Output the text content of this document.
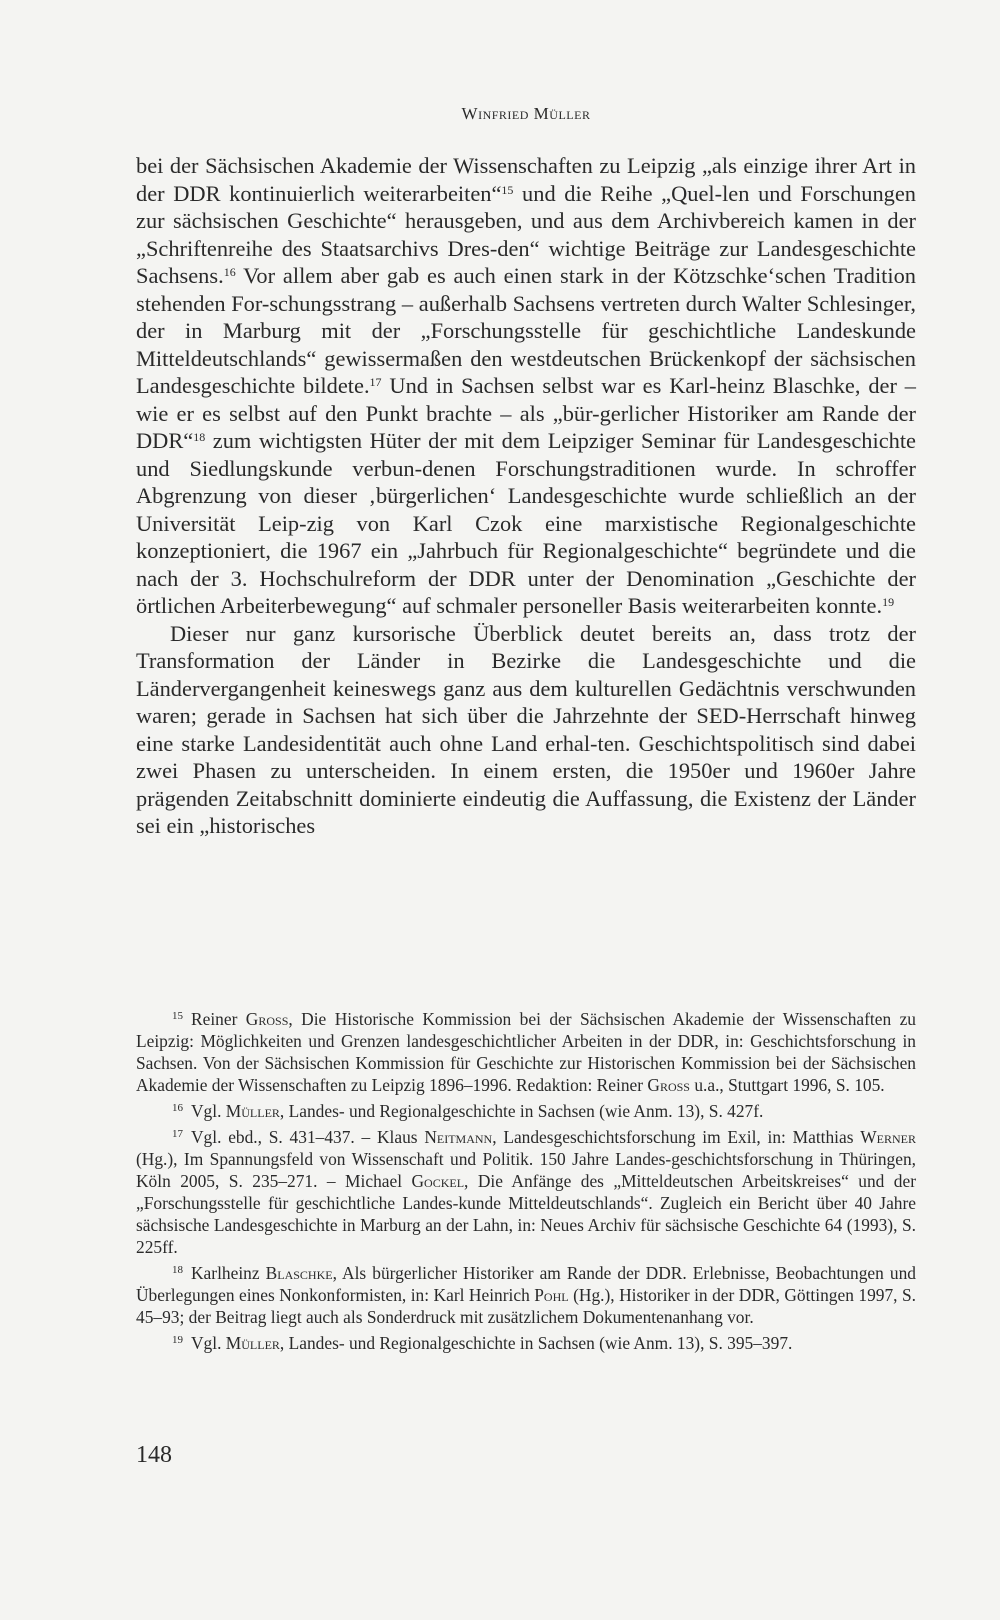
Winfried Müller

bei der Sächsischen Akademie der Wissenschaften zu Leipzig „als einzige ihrer Art in der DDR kontinuierlich weiterarbeiten“$^{15}$ und die Reihe „Quel-len und Forschungen zur sächsischen Geschichte“ herausgeben, und aus dem Archivbereich kamen in der „Schriftenreihe des Staatsarchivs Dres-den“ wichtige Beiträge zur Landesgeschichte Sachsens.$^{16}$ Vor allem aber gab es auch einen stark in der Kötzschke‘schen Tradition stehenden For-schungsstrang – außerhalb Sachsens vertreten durch Walter Schlesinger, der in Marburg mit der „Forschungsstelle für geschichtliche Landeskunde Mitteldeutschlands“ gewissermaßen den westdeutschen Brückenkopf der sächsischen Landesgeschichte bildete.$^{17}$ Und in Sachsen selbst war es Karl-heinz Blaschke, der – wie er es selbst auf den Punkt brachte – als „bür-gerlicher Historiker am Rande der DDR“$^{18}$ zum wichtigsten Hüter der mit dem Leipziger Seminar für Landesgeschichte und Siedlungskunde verbun-denen Forschungstraditionen wurde. In schroffer Abgrenzung von dieser ‚bürgerlichen‘ Landesgeschichte wurde schließlich an der Universität Leip-zig von Karl Czok eine marxistische Regionalgeschichte konzeptioniert, die 1967 ein „Jahrbuch für Regionalgeschichte“ begründete und die nach der 3. Hochschulreform der DDR unter der Denomination „Geschichte der örtlichen Arbeiterbewegung“ auf schmaler personeller Basis weiterarbeiten konnte.$^{19}$

Dieser nur ganz kursorische Überblick deutet bereits an, dass trotz der Transformation der Länder in Bezirke die Landesgeschichte und die Ländervergangenheit keineswegs ganz aus dem kulturellen Gedächtnis verschwunden waren; gerade in Sachsen hat sich über die Jahrzehnte der SED-Herrschaft hinweg eine starke Landesidentität auch ohne Land erhal-ten. Geschichtspolitisch sind dabei zwei Phasen zu unterscheiden. In einem ersten, die 1950er und 1960er Jahre prägenden Zeitabschnitt dominierte eindeutig die Auffassung, die Existenz der Länder sei ein „historisches

$^{15}$ Reiner Gross, Die Historische Kommission bei der Sächsischen Akademie der Wissenschaften zu Leipzig: Möglichkeiten und Grenzen landesgeschichtlicher Arbeiten in der DDR, in: Geschichtsforschung in Sachsen. Von der Sächsischen Kommission für Geschichte zur Historischen Kommission bei der Sächsischen Akademie der Wissenschaften zu Leipzig 1896–1996. Redaktion: Reiner Gross u.a., Stuttgart 1996, S. 105.

$^{16}$ Vgl. Müller, Landes- und Regionalgeschichte in Sachsen (wie Anm. 13), S. 427f.

$^{17}$ Vgl. ebd., S. 431–437. – Klaus Neitmann, Landesgeschichtsforschung im Exil, in: Matthias Werner (Hg.), Im Spannungsfeld von Wissenschaft und Politik. 150 Jahre Landes-geschichtsforschung in Thüringen, Köln 2005, S. 235–271. – Michael Gockel, Die Anfänge des „Mitteldeutschen Arbeitskreises“ und der „Forschungsstelle für geschichtliche Landes-kunde Mitteldeutschlands“. Zugleich ein Bericht über 40 Jahre sächsische Landesgeschichte in Marburg an der Lahn, in: Neues Archiv für sächsische Geschichte 64 (1993), S. 225ff.

$^{18}$ Karlheinz Blaschke, Als bürgerlicher Historiker am Rande der DDR. Erlebnisse, Beobachtungen und Überlegungen eines Nonkonformisten, in: Karl Heinrich Pohl (Hg.), Historiker in der DDR, Göttingen 1997, S. 45–93; der Beitrag liegt auch als Sonderdruck mit zusätzlichem Dokumentenanhang vor.

$^{19}$ Vgl. Müller, Landes- und Regionalgeschichte in Sachsen (wie Anm. 13), S. 395–397.

148
